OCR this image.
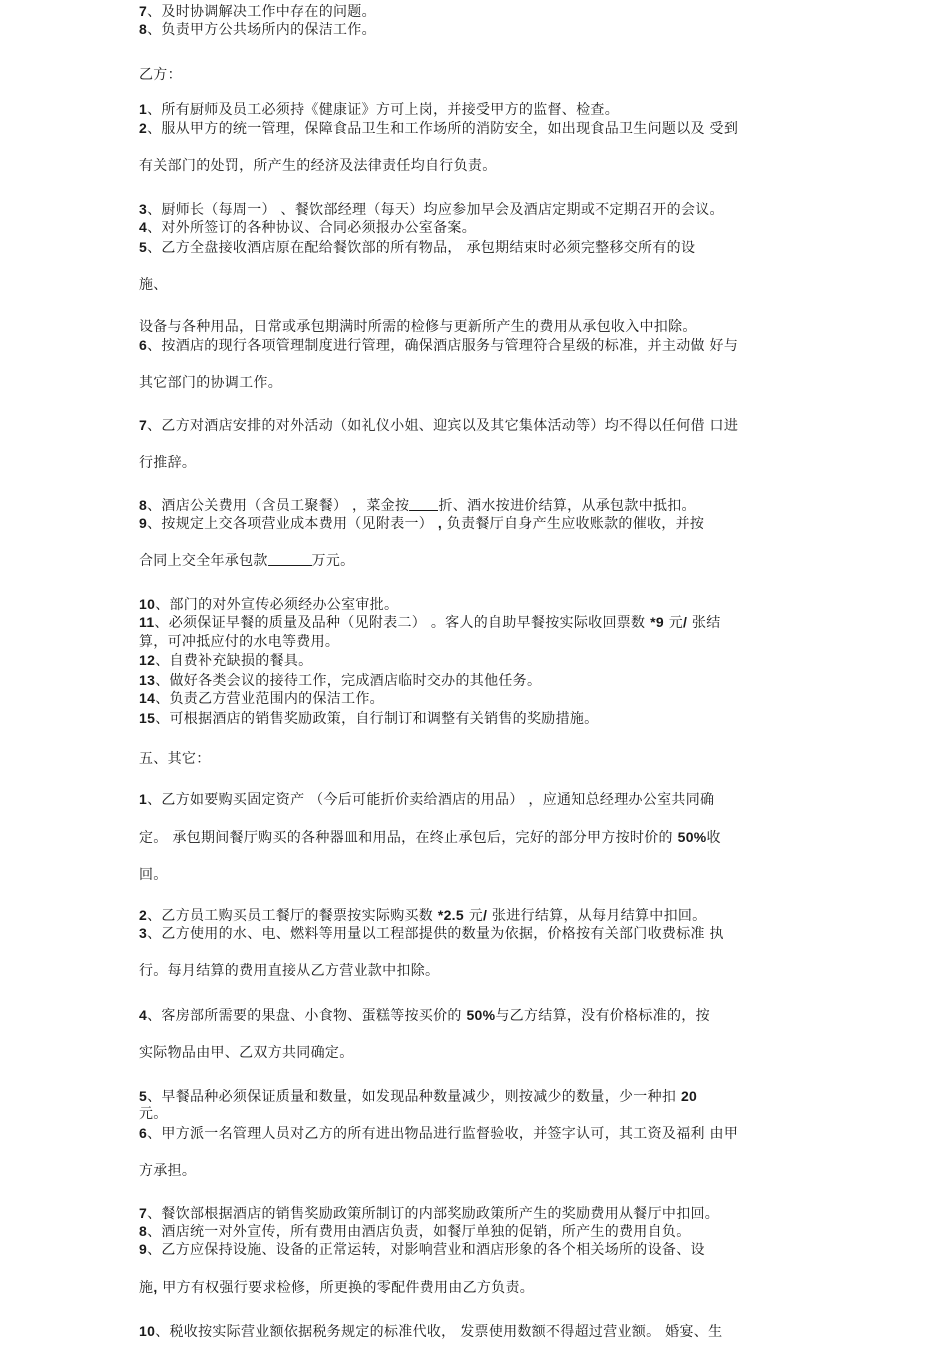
7、及时协调解决工作中存在的问题。
8、负责甲方公共场所内的保洁工作。
乙方：
1、所有厨师及员工必须持《健康证》方可上岗，并接受甲方的监督、检查。
2、服从甲方的统一管理，保障食品卫生和工作场所的消防安全，如出现食品卫生问题以及 受到
有关部门的处罚，所产生的经济及法律责任均自行负责。
3、厨师长（每周一） 、餐饮部经理（每天）均应参加早会及酒店定期或不定期召开的会议。
4、对外所签订的各种协议、合同必须报办公室备案。
5、乙方全盘接收酒店原在配给餐饮部的所有物品， 承包期结束时必须完整移交所有的设
施、
设备与各种用品，日常或承包期满时所需的检修与更新所产生的费用从承包收入中扣除。
6、按酒店的现行各项管理制度进行管理，确保酒店服务与管理符合星级的标准，并主动做 好与
其它部门的协调工作。
7、乙方对酒店安排的对外活动（如礼仪小姐、迎宾以及其它集体活动等）均不得以任何借 口进
行推辞。
8、酒店公关费用（含员工聚餐） ，菜金按 折、酒水按进价结算，从承包款中抵扣。
9、按规定上交各项营业成本费用（见附表一） , 负责餐厅自身产生应收账款的催收，并按
合同上交全年承包款	万元。
10、部门的对外宣传必须经办公室审批。
11、必须保证早餐的质量及品种（见附表二） 。客人的自助早餐按实际收回票数 *9 元/ 张结
算，可冲抵应付的水电等费用。
12、自费补充缺损的餐具。
13、做好各类会议的接待工作，完成酒店临时交办的其他任务。
14、负责乙方营业范围内的保洁工作。
15、可根据酒店的销售奖励政策，自行制订和调整有关销售的奖励措施。
五、其它：
1、乙方如要购买固定资产 （今后可能折价卖给酒店的用品） ，应通知总经理办公室共同确
定。 承包期间餐厅购买的各种器皿和用品，在终止承包后，完好的部分甲方按时价的 50%收
回。
2、乙方员工购买员工餐厅的餐票按实际购买数 *2.5 元/ 张进行结算，从每月结算中扣回。
3、乙方使用的水、电、燃料等用量以工程部提供的数量为依据，价格按有关部门收费标准 执
行。每月结算的费用直接从乙方营业款中扣除。
4、客房部所需要的果盘、小食物、蛋糕等按买价的 50%与乙方结算，没有价格标准的，按
实际物品由甲、乙双方共同确定。
5、早餐品种必须保证质量和数量，如发现品种数量减少，则按减少的数量，少一种扣 20
元。
6、甲方派一名管理人员对乙方的所有进出物品进行监督验收，并签字认可，其工资及福利 由甲
方承担。
7、餐饮部根据酒店的销售奖励政策所制订的内部奖励政策所产生的奖励费用从餐厅中扣回。
8、酒店统一对外宣传，所有费用由酒店负责，如餐厅单独的促销，所产生的费用自负。
9、乙方应保持设施、设备的正常运转，对影响营业和酒店形象的各个相关场所的设备、设
施, 甲方有权强行要求检修，所更换的零配件费用由乙方负责。
10、税收按实际营业额依据税务规定的标准代收， 发票使用数额不得超过营业额。 婚宴、生
